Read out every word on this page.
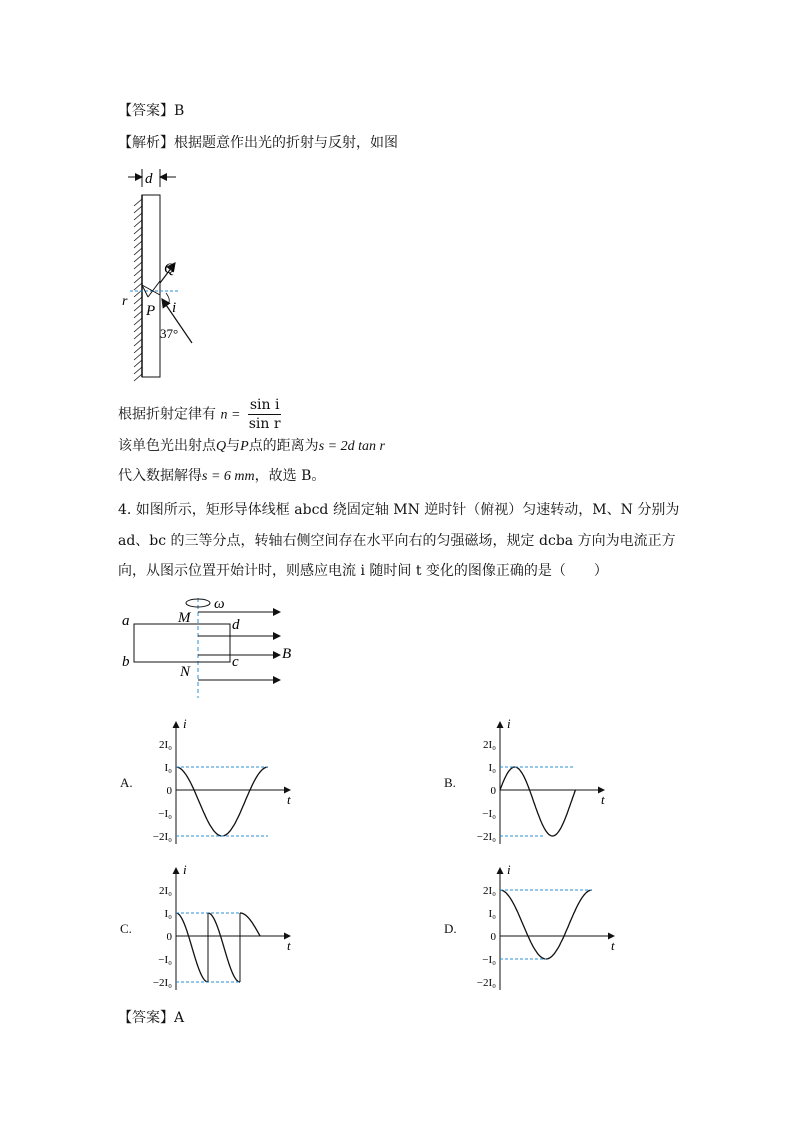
【答案】B
【解析】根据题意作出光的折射与反射，如图
d
Q
P
r	i
37°
根据折射定律有 $n = \frac{\text{sin i}}{\text{sin r}}$
该单色光出射点Q与P点的距离为s = 2d tan r
代入数据解得s = 6 mm，故选 B。
4. 如图所示，矩形导体线框 abcd 绕固定轴 MN 逆时针（俯视）匀速转动，M、N 分别为
ad、bc 的三等分点，转轴右侧空间存在水平向右的匀强磁场，规定 dcba 方向为电流正方
向，从图示位置开始计时，则感应电流 i 随时间 t 变化的图像正确的是（　　）
ω
a
b	c
d
M
N
B
A.
i
t
2I₀
I₀
0
−I₀
−2I₀
B.
i
t
2I₀
I₀
0
−I₀
−2I₀
C.
i
t
2I₀
I₀
0
−I₀
−2I₀
D.
i
t
2I₀
I₀
0
−I₀
−2I₀
【答案】A
